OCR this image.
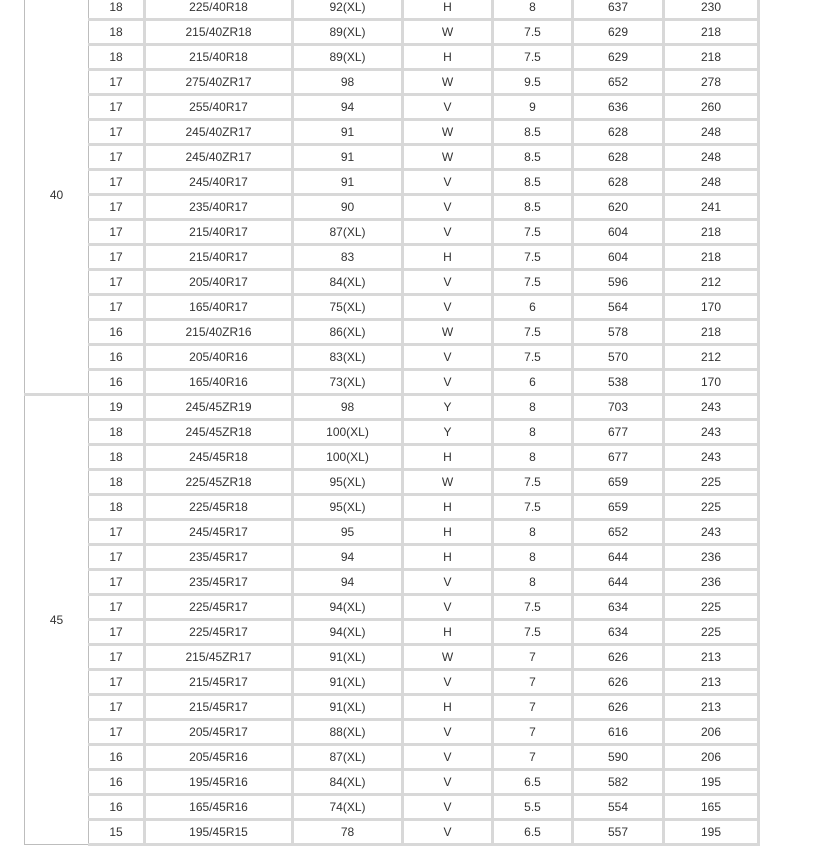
40	18	225/40R18	92(XL)	H	8	637	230
	18	215/40ZR18	89(XL)	W	7.5	629	218
	18	215/40R18	89(XL)	H	7.5	629	218
	17	275/40ZR17	98	W	9.5	652	278
	17	255/40R17	94	V	9	636	260
	17	245/40ZR17	91	W	8.5	628	248
	17	245/40ZR17	91	W	8.5	628	248
	17	245/40R17	91	V	8.5	628	248
	17	235/40R17	90	V	8.5	620	241
	17	215/40R17	87(XL)	V	7.5	604	218
	17	215/40R17	83	H	7.5	604	218
	17	205/40R17	84(XL)	V	7.5	596	212
	17	165/40R17	75(XL)	V	6	564	170
	16	215/40ZR16	86(XL)	W	7.5	578	218
	16	205/40R16	83(XL)	V	7.5	570	212
	16	165/40R16	73(XL)	V	6	538	170
45	19	245/45ZR19	98	Y	8	703	243
	18	245/45ZR18	100(XL)	Y	8	677	243
	18	245/45R18	100(XL)	H	8	677	243
	18	225/45ZR18	95(XL)	W	7.5	659	225
	18	225/45R18	95(XL)	H	7.5	659	225
	17	245/45R17	95	H	8	652	243
	17	235/45R17	94	H	8	644	236
	17	235/45R17	94	V	8	644	236
	17	225/45R17	94(XL)	V	7.5	634	225
	17	225/45R17	94(XL)	H	7.5	634	225
	17	215/45ZR17	91(XL)	W	7	626	213
	17	215/45R17	91(XL)	V	7	626	213
	17	215/45R17	91(XL)	H	7	626	213
	17	205/45R17	88(XL)	V	7	616	206
	16	205/45R16	87(XL)	V	7	590	206
	16	195/45R16	84(XL)	V	6.5	582	195
	16	165/45R16	74(XL)	V	5.5	554	165
	15	195/45R15	78	V	6.5	557	195
